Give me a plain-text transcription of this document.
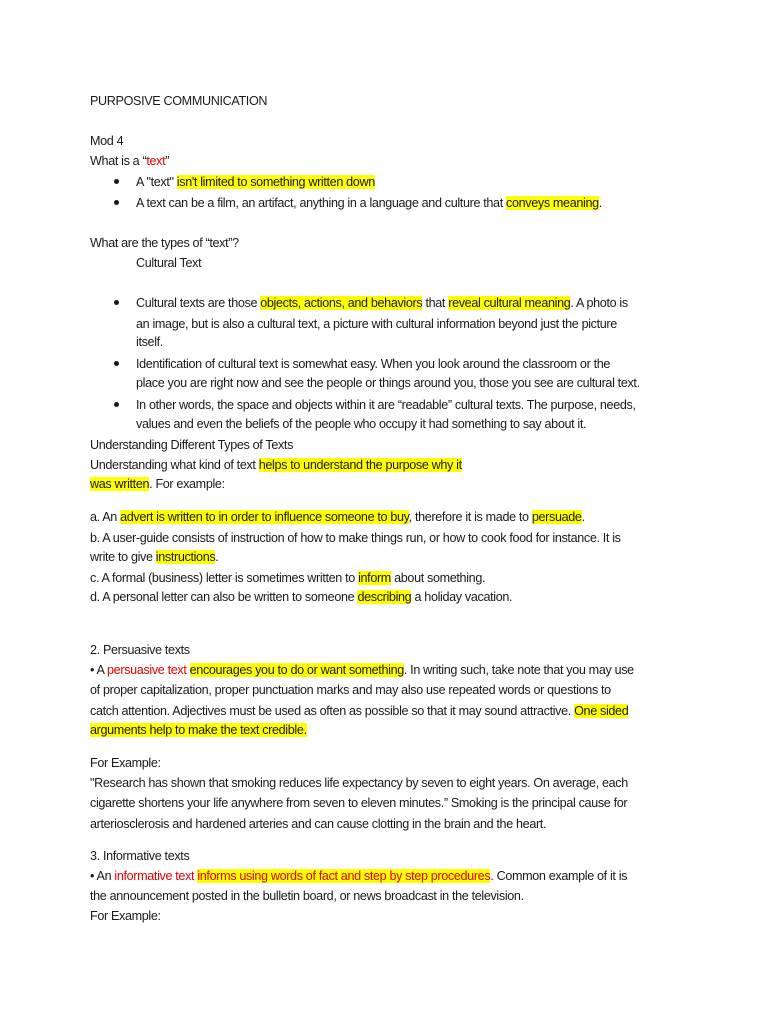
PURPOSIVE COMMUNICATION
Mod 4
What is a “text”
A "text" isn't limited to something written down
A text can be a film, an artifact, anything in a language and culture that conveys meaning.
What are the types of “text”?
Cultural Text
Cultural texts are those objects, actions, and behaviors that reveal cultural meaning. A photo is
an image, but is also a cultural text, a picture with cultural information beyond just the picture
itself.
Identification of cultural text is somewhat easy. When you look around the classroom or the
place you are right now and see the people or things around you, those you see are cultural text.
In other words, the space and objects within it are “readable” cultural texts. The purpose, needs,
values and even the beliefs of the people who occupy it had something to say about it.
Understanding Different Types of Texts
Understanding what kind of text helps to understand the purpose why it
was written. For example:
a. An advert is written to in order to influence someone to buy, therefore it is made to persuade.
b. A user-guide consists of instruction of how to make things run, or how to cook food for instance. It is
write to give instructions.
c. A formal (business) letter is sometimes written to inform about something.
d. A personal letter can also be written to someone describing a holiday vacation.
2. Persuasive texts
• A persuasive text encourages you to do or want something. In writing such, take note that you may use
of proper capitalization, proper punctuation marks and may also use repeated words or questions to
catch attention. Adjectives must be used as often as possible so that it may sound attractive. One sided
arguments help to make the text credible.
For Example:
"Research has shown that smoking reduces life expectancy by seven to eight years. On average, each
cigarette shortens your life anywhere from seven to eleven minutes.” Smoking is the principal cause for
arteriosclerosis and hardened arteries and can cause clotting in the brain and the heart.
3. Informative texts
• An informative text informs using words of fact and step by step procedures. Common example of it is
the announcement posted in the bulletin board, or news broadcast in the television.
For Example:
